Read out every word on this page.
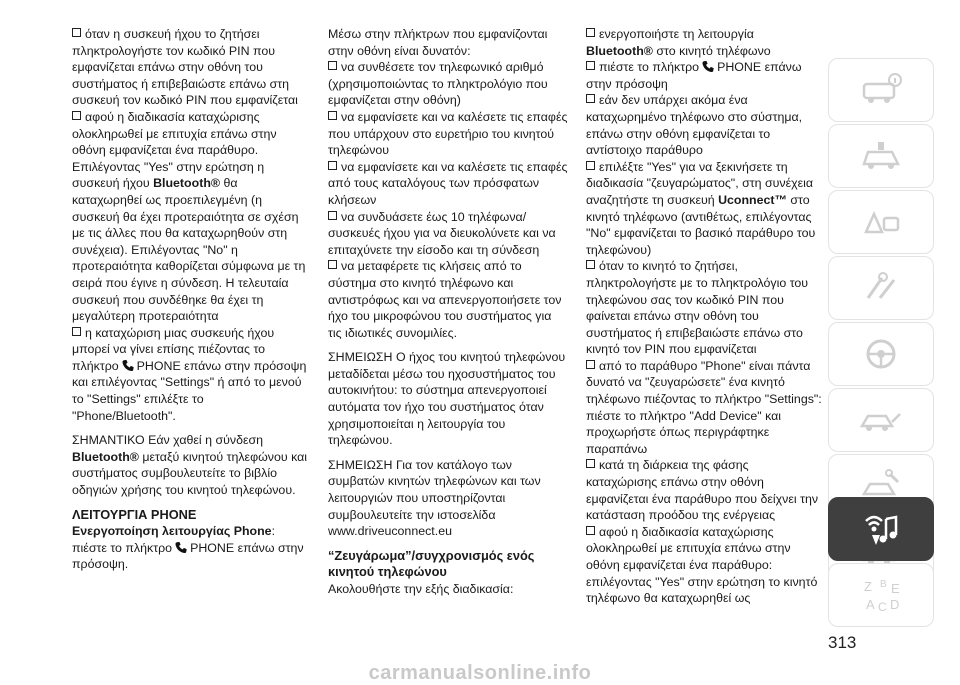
όταν η συσκευή ήχου το ζητήσει πληκτρολογήστε τον κωδικό PIN που εμφανίζεται επάνω στην οθόνη του συστήματος ή επιβεβαιώστε επάνω στη συσκευή τον κωδικό PIN που εμφανίζεται

αφού η διαδικασία καταχώρισης ολοκληρωθεί με επιτυχία επάνω στην οθόνη εμφανίζεται ένα παράθυρο. Επιλέγοντας "Yes" στην ερώτηση η συσκευή ήχου Bluetooth® θα καταχωρηθεί ως προεπιλεγμένη (η συσκευή θα έχει προτεραιότητα σε σχέση με τις άλλες που θα καταχωρηθούν στη συνέχεια). Επιλέγοντας "No" η προτεραιότητα καθορίζεται σύμφωνα με τη σειρά που έγινε η σύνδεση. Η τελευταία συσκευή που συνδέθηκε θα έχει τη μεγαλύτερη προτεραιότητα

η καταχώριση μιας συσκευής ήχου μπορεί να γίνει επίσης πιέζοντας το πλήκτρο PHONE επάνω στην πρόσοψη και επιλέγοντας "Settings" ή από το μενού το "Settings" επιλέξτε το "Phone/Bluetooth".

ΣΗΜΑΝΤΙΚΟ Εάν χαθεί η σύνδεση Bluetooth® μεταξύ κινητού τηλεφώνου και συστήματος συμβουλευτείτε το βιβλίο οδηγιών χρήσης του κινητού τηλεφώνου.

ΛΕΙΤΟΥΡΓΙΑ PHONE

Ενεργοποίηση λειτουργίας Phone:

πιέστε το πλήκτρο PHONE επάνω στην πρόσοψη.

Μέσω στην πλήκτρων που εμφανίζονται στην οθόνη είναι δυνατόν:

να συνθέσετε τον τηλεφωνικό αριθμό (χρησιμοποιώντας το πληκτρολόγιο που εμφανίζεται στην οθόνη)

να εμφανίσετε και να καλέσετε τις επαφές που υπάρχουν στο ευρετήριο του κινητού τηλεφώνου

να εμφανίσετε και να καλέσετε τις επαφές από τους καταλόγους των πρόσφατων κλήσεων

να συνδυάσετε έως 10 τηλέφωνα/συσκευές ήχου για να διευκολύνετε και να επιταχύνετε την είσοδο και τη σύνδεση

να μεταφέρετε τις κλήσεις από το σύστημα στο κινητό τηλέφωνο και αντιστρόφως και να απενεργοποιήσετε τον ήχο του μικροφώνου του συστήματος για τις ιδιωτικές συνομιλίες.

ΣΗΜΕΙΩΣΗ Ο ήχος του κινητού τηλεφώνου μεταδίδεται μέσω του ηχοσυστήματος του αυτοκινήτου: το σύστημα απενεργοποιεί αυτόματα τον ήχο του συστήματος όταν χρησιμοποιείται η λειτουργία του τηλεφώνου.

ΣΗΜΕΙΩΣΗ Για τον κατάλογο των συμβατών κινητών τηλεφώνων και των λειτουργιών που υποστηρίζονται συμβουλευτείτε την ιστοσελίδα www.driveuconnect.eu

“Ζευγάρωμα”/συγχρονισμός ενός κινητού τηλεφώνου

Ακολουθήστε την εξής διαδικασία:

ενεργοποιήστε τη λειτουργία Bluetooth® στο κινητό τηλέφωνο

πιέστε το πλήκτρο PHONE επάνω στην πρόσοψη

εάν δεν υπάρχει ακόμα ένα καταχωρημένο τηλέφωνο στο σύστημα, επάνω στην οθόνη εμφανίζεται το αντίστοιχο παράθυρο

επιλέξτε "Yes" για να ξεκινήσετε τη διαδικασία "ζευγαρώματος", στη συνέχεια αναζητήστε τη συσκευή Uconnect™ στο κινητό τηλέφωνο (αντιθέτως, επιλέγοντας "No" εμφανίζεται το βασικό παράθυρο του τηλεφώνου)

όταν το κινητό το ζητήσει, πληκτρολογήστε με το πληκτρολόγιο του τηλεφώνου σας τον κωδικό PIN που φαίνεται επάνω στην οθόνη του συστήματος ή επιβεβαιώστε επάνω στο κινητό τον PIN που εμφανίζεται

από το παράθυρο "Phone" είναι πάντα δυνατό να "ζευγαρώσετε" ένα κινητό τηλέφωνο πιέζοντας το πλήκτρο "Settings": πιέστε το πλήκτρο "Add Device" και προχωρήστε όπως περιγράφτηκε παραπάνω

κατά τη διάρκεια της φάσης καταχώρισης επάνω στην οθόνη εμφανίζεται ένα παράθυρο που δείχνει την κατάσταση προόδου της ενέργειας

αφού η διαδικασία καταχώρισης ολοκληρωθεί με επιτυχία επάνω στην οθόνη εμφανίζεται ένα παράθυρο: επιλέγοντας "Yes" στην ερώτηση το κινητό τηλέφωνο θα καταχωρηθεί ως

Z B E
A C D
313
carmanualsonline.info
